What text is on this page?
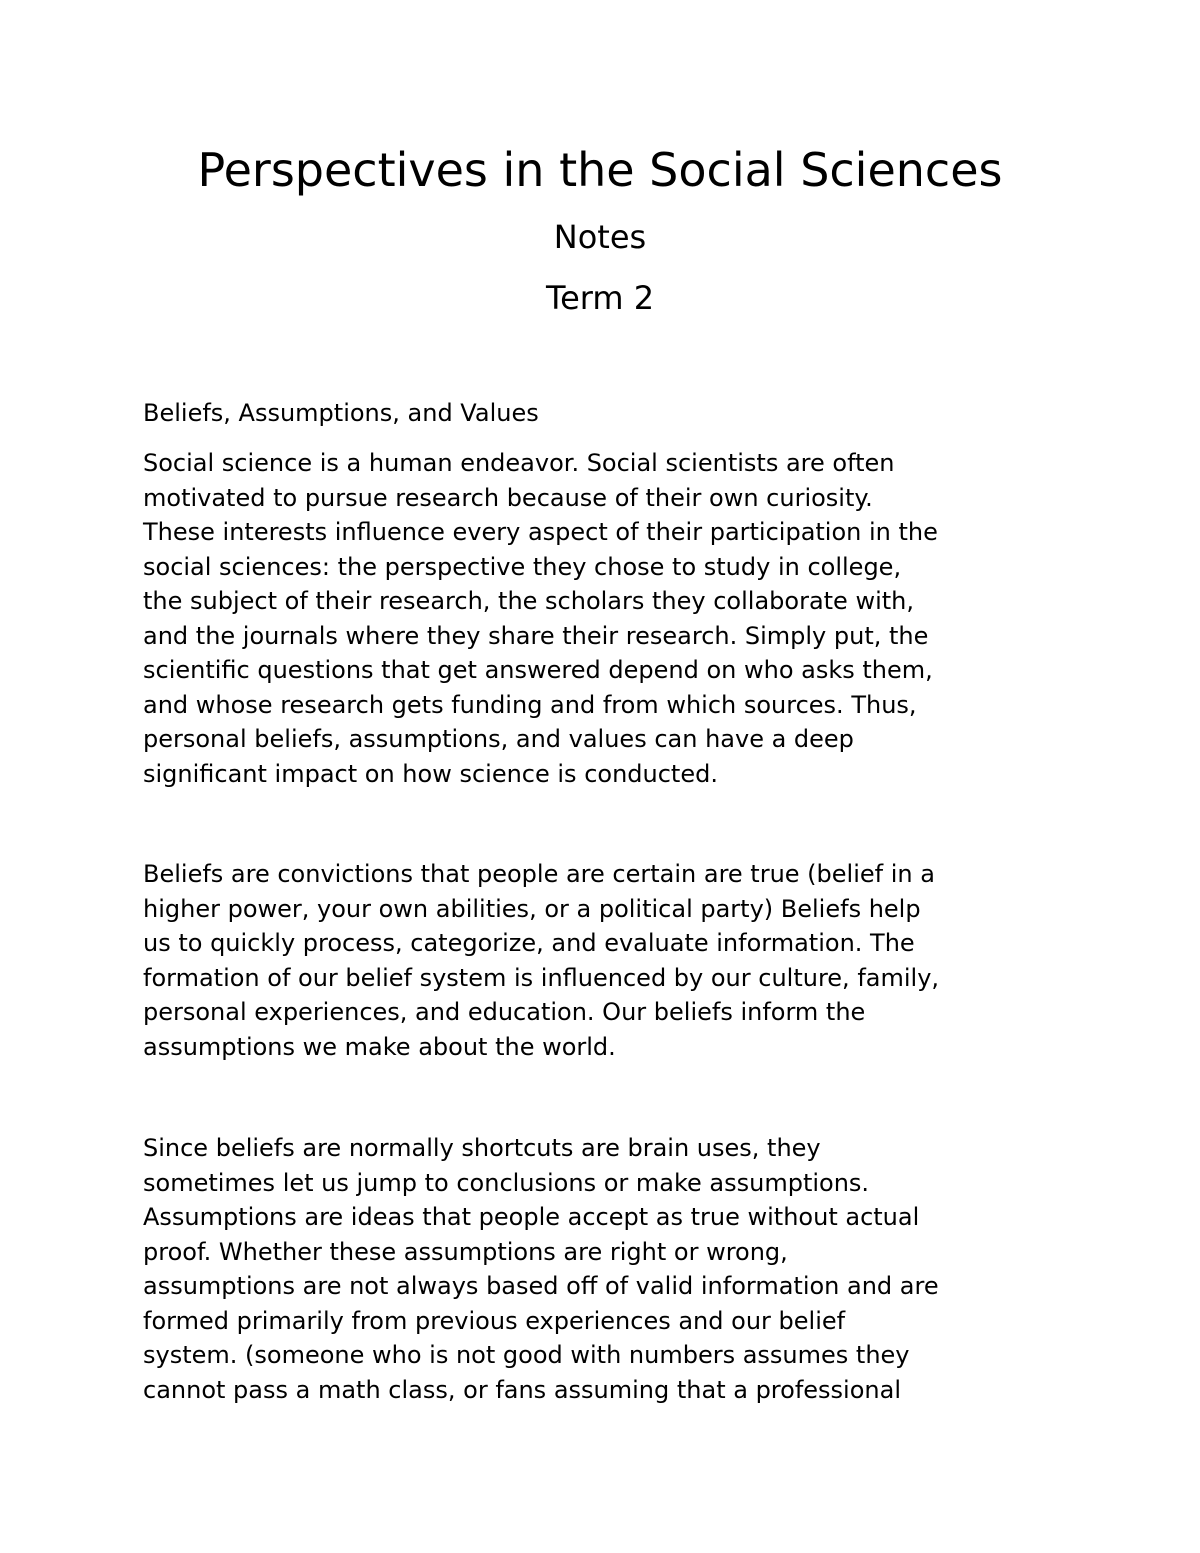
Perspectives in the Social Sciences
Notes
Term 2
Beliefs, Assumptions, and Values

Social science is a human endeavor. Social scientists are often
motivated to pursue research because of their own curiosity.
These interests influence every aspect of their participation in the
social sciences: the perspective they chose to study in college,
the subject of their research, the scholars they collaborate with,
and the journals where they share their research. Simply put, the
scientific questions that get answered depend on who asks them,
and whose research gets funding and from which sources. Thus,
personal beliefs, assumptions, and values can have a deep
significant impact on how science is conducted.

Beliefs are convictions that people are certain are true (belief in a
higher power, your own abilities, or a political party) Beliefs help
us to quickly process, categorize, and evaluate information. The
formation of our belief system is influenced by our culture, family,
personal experiences, and education. Our beliefs inform the
assumptions we make about the world.

Since beliefs are normally shortcuts are brain uses, they
sometimes let us jump to conclusions or make assumptions.
Assumptions are ideas that people accept as true without actual
proof. Whether these assumptions are right or wrong,
assumptions are not always based off of valid information and are
formed primarily from previous experiences and our belief
system. (someone who is not good with numbers assumes they
cannot pass a math class, or fans assuming that a professional
